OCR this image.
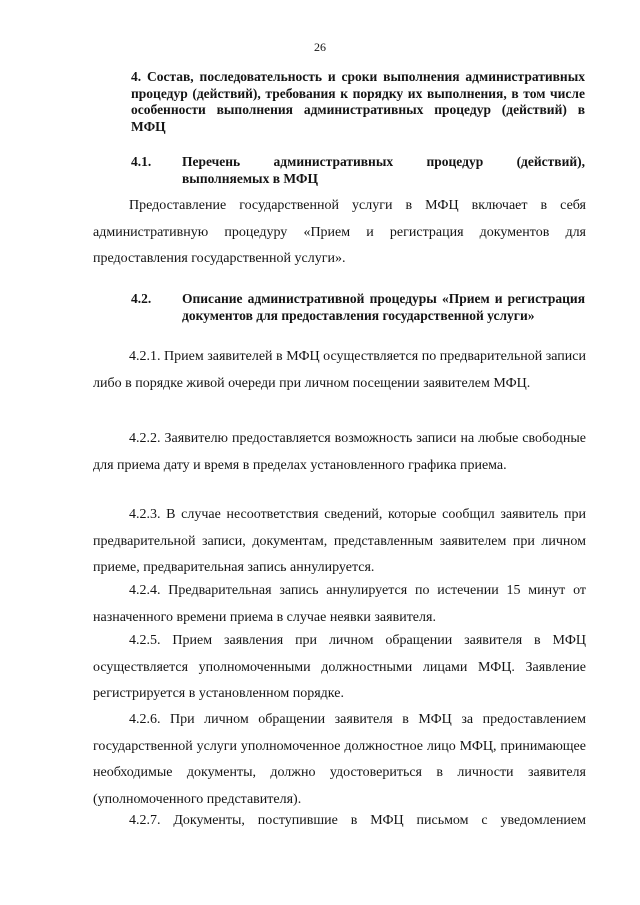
26
4. Состав, последовательность и сроки выполнения административных процедур (действий), требования к порядку их выполнения, в том числе особенности выполнения административных процедур (действий) в МФЦ
4.1. Перечень административных процедур (действий), выполняемых в МФЦ
Предоставление государственной услуги в МФЦ включает в себя административную процедуру «Прием и регистрация документов для предоставления государственной услуги».
4.2. Описание административной процедуры «Прием и регистрация документов для предоставления государственной услуги»
4.2.1. Прием заявителей в МФЦ осуществляется по предварительной записи либо в порядке живой очереди при личном посещении заявителем МФЦ.
4.2.2. Заявителю предоставляется возможность записи на любые свободные для приема дату и время в пределах установленного графика приема.
4.2.3. В случае несоответствия сведений, которые сообщил заявитель при предварительной записи, документам, представленным заявителем при личном приеме, предварительная запись аннулируется.
4.2.4. Предварительная запись аннулируется по истечении 15 минут от назначенного времени приема в случае неявки заявителя.
4.2.5. Прием заявления при личном обращении заявителя в МФЦ осуществляется уполномоченными должностными лицами МФЦ. Заявление регистрируется в установленном порядке.
4.2.6. При личном обращении заявителя в МФЦ за предоставлением государственной услуги уполномоченное должностное лицо МФЦ, принимающее необходимые документы, должно удостовериться в личности заявителя (уполномоченного представителя).
4.2.7. Документы, поступившие в МФЦ письмом с уведомлением
